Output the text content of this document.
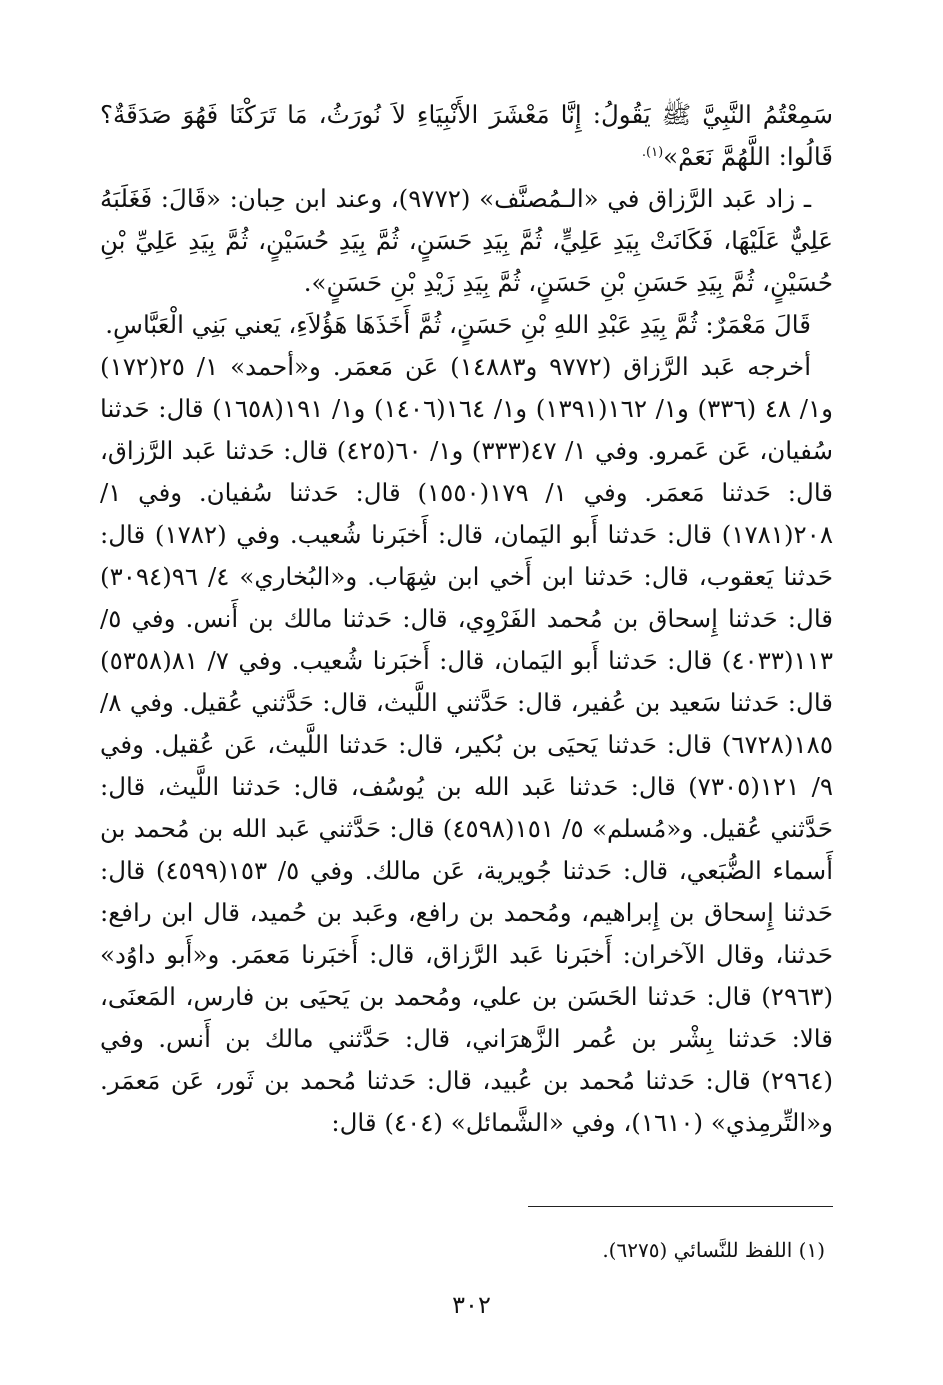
سَمِعْتُمُ النَّبِيَّ ﷺ يَقُولُ: إِنَّا مَعْشَرَ الأَنْبِيَاءِ لاَ نُورَثُ، مَا تَرَكْنَا فَهُوَ صَدَقَةٌ؟ قَالُوا: اللَّهُمَّ نَعَمْ»$^{(١).}$

ـ زاد عَبد الرَّزاق في «الـمُصنَّف» (٩٧٧٢)، وعند ابن حِبان: «قَالَ: فَغَلَبَهُ عَلِيٌّ عَلَيْهَا، فَكَانَتْ بِيَدِ عَلِيٍّ، ثُمَّ بِيَدِ حَسَنٍ، ثُمَّ بِيَدِ حُسَيْنٍ، ثُمَّ بِيَدِ عَلِيِّ بْنِ حُسَيْنٍ، ثُمَّ بِيَدِ حَسَنِ بْنِ حَسَنٍ، ثُمَّ بِيَدِ زَيْدِ بْنِ حَسَنٍ».

قَالَ مَعْمَرٌ: ثُمَّ بِيَدِ عَبْدِ اللهِ بْنِ حَسَنٍ، ثُمَّ أَخَذَهَا هَؤُلاَءِ، يَعني بَنِي الْعَبَّاسِ.

أخرجه عَبد الرَّزاق (٩٧٧٢ و١٤٨٨٣) عَن مَعمَر. و«أحمد» ١/ ٢٥(١٧٢) و١/ ٤٨ (٣٣٦) و١/ ١٦٢(١٣٩١) و١/ ١٦٤(١٤٠٦) و١/ ١٩١(١٦٥٨) قال: حَدثنا سُفيان، عَن عَمرو. وفي ١/ ٤٧(٣٣٣) و١/ ٦٠(٤٢٥) قال: حَدثنا عَبد الرَّزاق، قال: حَدثنا مَعمَر. وفي ١/ ١٧٩(١٥٥٠) قال: حَدثنا سُفيان. وفي ١/ ٢٠٨(١٧٨١) قال: حَدثنا أَبو اليَمان، قال: أَخبَرنا شُعيب. وفي (١٧٨٢) قال: حَدثنا يَعقوب، قال: حَدثنا ابن أَخي ابن شِهَاب. و«البُخاري» ٤/ ٩٦(٣٠٩٤) قال: حَدثنا إِسحاق بن مُحمد الفَرْوِي، قال: حَدثنا مالك بن أَنس. وفي ٥/ ١١٣(٤٠٣٣) قال: حَدثنا أَبو اليَمان، قال: أَخبَرنا شُعيب. وفي ٧/ ٨١(٥٣٥٨) قال: حَدثنا سَعيد بن عُفير، قال: حَدَّثني اللَّيث، قال: حَدَّثني عُقيل. وفي ٨/ ١٨٥(٦٧٢٨) قال: حَدثنا يَحيَى بن بُكير، قال: حَدثنا اللَّيث، عَن عُقيل. وفي ٩/ ١٢١(٧٣٠٥) قال: حَدثنا عَبد الله بن يُوسُف، قال: حَدثنا اللَّيث، قال: حَدَّثني عُقيل. و«مُسلم» ٥/ ١٥١(٤٥٩٨) قال: حَدَّثني عَبد الله بن مُحمد بن أَسماء الضُّبَعي، قال: حَدثنا جُويرية، عَن مالك. وفي ٥/ ١٥٣(٤٥٩٩) قال: حَدثنا إِسحاق بن إِبراهيم، ومُحمد بن رافع، وعَبد بن حُميد، قال ابن رافع: حَدثنا، وقال الآخران: أَخبَرنا عَبد الرَّزاق، قال: أَخبَرنا مَعمَر. و«أَبو داوُد» (٢٩٦٣) قال: حَدثنا الحَسَن بن علي، ومُحمد بن يَحيَى بن فارس، المَعنَى، قالا: حَدثنا بِشْر بن عُمر الزَّهرَاني، قال: حَدَّثني مالك بن أَنس. وفي (٢٩٦٤) قال: حَدثنا مُحمد بن عُبيد، قال: حَدثنا مُحمد بن ثَور، عَن مَعمَر. و«التِّرمِذي» (١٦١٠)، وفي «الشَّمائل» (٤٠٤) قال:

(١) اللفظ للنَّسائي (٦٢٧٥).
٣٠٢
